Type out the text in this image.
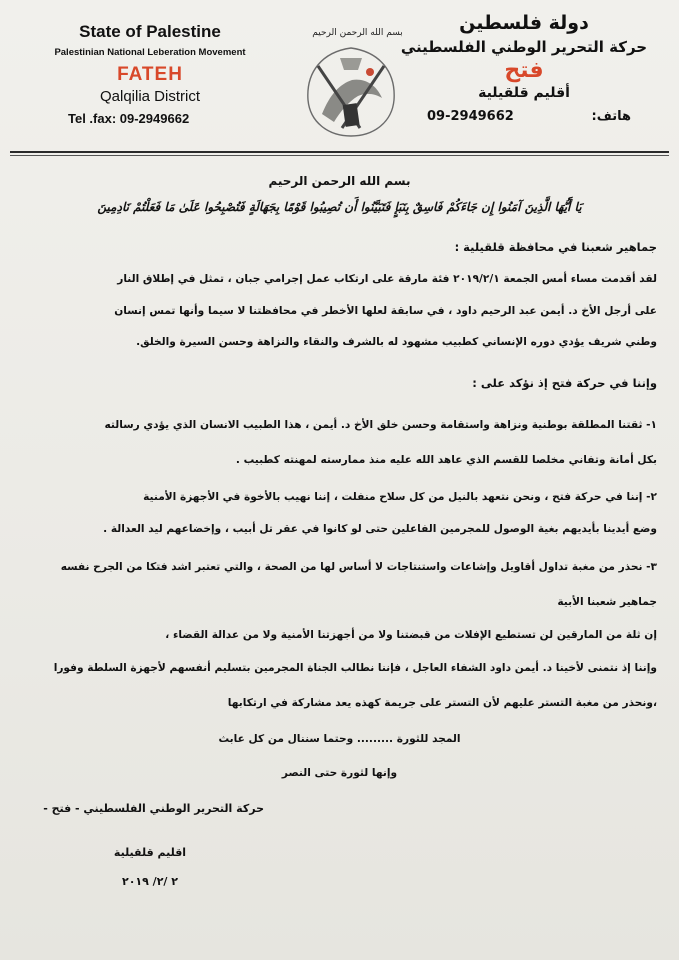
State of Palestine
Palestinian National Leberation Movement
FATEH
Qalqilia District
Tel .fax: 09-2949662
بسم الله الرحمن الرحيم	دولة فلسطين
حركة التحرير الوطني الفلسطيني
فتح
أقليم قلقيلية
هاتف:
09-2949662
بسم الله الرحمن الرحيم
يَا أَيُّهَا الَّذِينَ آمَنُوا إِن جَاءَكُمْ فَاسِقٌ بِنَبَإٍ فَتَبَيَّنُوا أَن تُصِيبُوا قَوْمًا بِجَهَالَةٍ فَتُصْبِحُوا عَلَىٰ مَا فَعَلْتُمْ نَادِمِينَ
جماهير شعبنا في محافظة قلقيلية :
لقد أقدمت مساء أمس الجمعة ٢٠١٩/٢/١ فئة مارقة على ارتكاب عمل إجرامي جبان ، تمثل في إطلاق النار
على أرجل الأخ د. أيمن عبد الرحيم داود ، في سابقة لعلها الأخطر في محافظتنا لا سيما وأنها تمس إنسان
وطني شريف يؤدي دوره الإنساني كطبيب مشهود له بالشرف والنقاء والنزاهة وحسن السيرة والخلق.
وإننا في حركة فتح إذ نؤكد على :
١- ثقتنا المطلقة بوطنية ونزاهة واستقامة وحسن خلق الأخ د. أيمن ، هذا الطبيب الانسان الذي يؤدي رسالته
بكل أمانة وتفاني مخلصا للقسم الذي عاهد الله عليه منذ ممارسته لمهنته كطبيب .
٢- إننا في حركة فتح ، ونحن نتعهد بالنيل من كل سلاح منفلت ، إننا نهيب بالأخوة في الأجهزة الأمنية
وضع أيدينا بأيديهم بغية الوصول للمجرمين الفاعلين حتى لو كانوا في عقر تل أبيب ، وإخضاعهم ليد العدالة .
٣- نحذر من مغبة تداول أقاويل وإشاعات واستنتاجات لا أساس لها من الصحة ، والتي تعتبر اشد فتكا من الجرح نفسه
جماهير شعبنا الأبية
إن ثلة من المارقين لن تستطيع الإفلات من قبضتنا ولا من أجهزتنا الأمنية ولا من عدالة القضاء ،
وإننا إذ نتمنى لأخينا د. أيمن داود الشفاء العاجل ، فإننا نطالب الجناة المجرمين بتسليم أنفسهم لأجهزة السلطة وفورا
،ونحذر من مغبة التستر عليهم لأن التستر على جريمة كهذه يعد مشاركة في ارتكابها
المجد للثورة ......... وحتما سننال من كل عابث
وإنها لثورة حتى النصر
حركة التحرير الوطني الفلسطيني - فتح -
اقليم قلقيلية
٢ /٢/ ٢٠١٩
